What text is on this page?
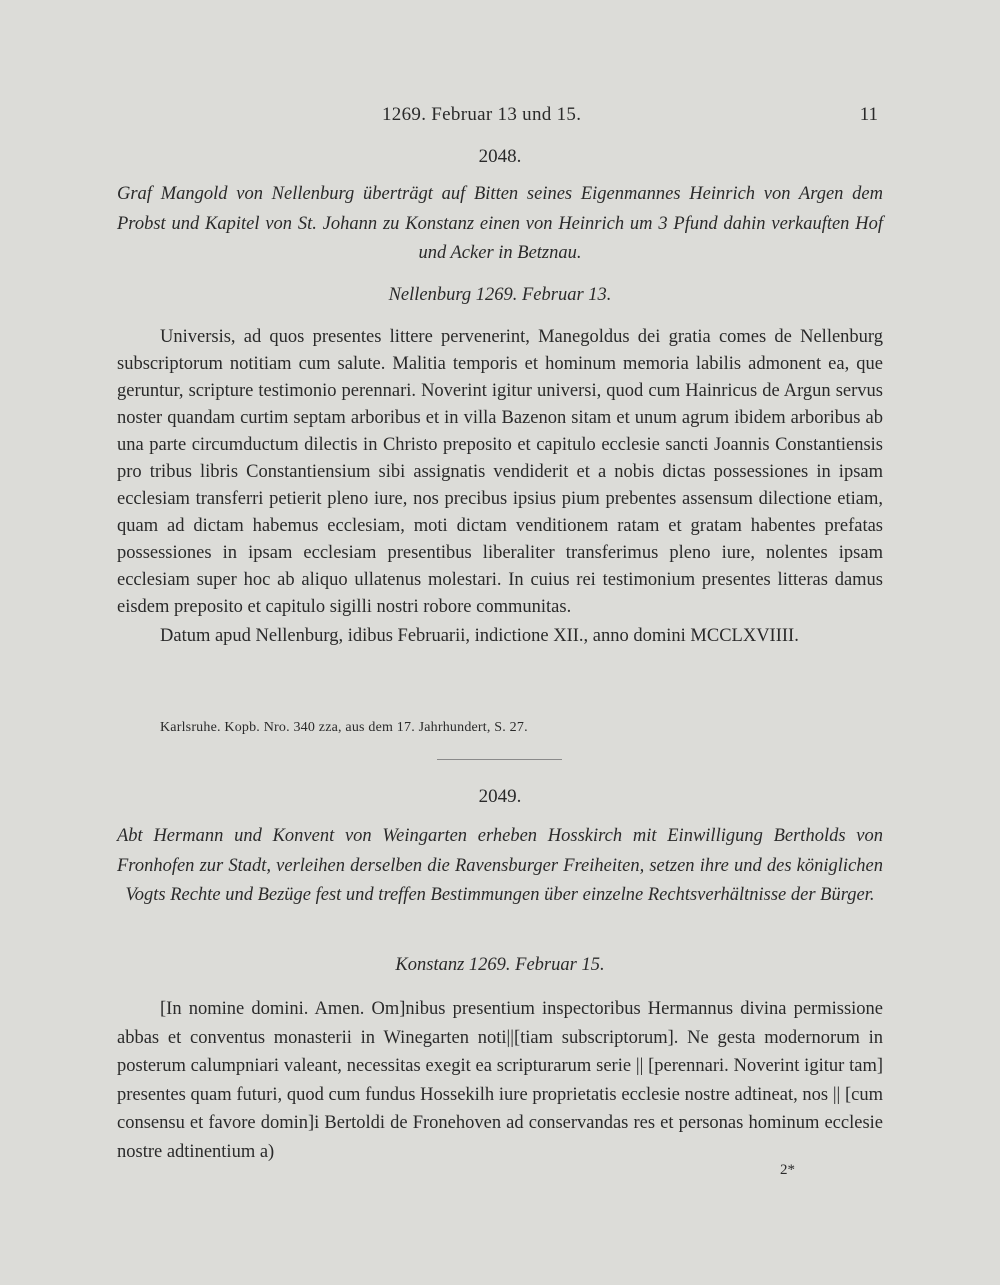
1269. Februar 13 und 15.	11
2048.
Graf Mangold von Nellenburg überträgt auf Bitten seines Eigenmannes Heinrich von Argen dem Probst und Kapitel von St. Johann zu Konstanz einen von Heinrich um 3 Pfund dahin verkauften Hof und Acker in Betznau.
Nellenburg 1269. Februar 13.

Universis, ad quos presentes littere pervenerint, Manegoldus dei gratia comes de Nellenburg subscriptorum notitiam cum salute. Malitia temporis et hominum memoria labilis admonent ea, que geruntur, scripture testimonio perennari. Noverint igitur universi, quod cum Hainricus de Argun servus noster quandam curtim septam arboribus et in villa Bazenon sitam et unum agrum ibidem arboribus ab una parte circumductum dilectis in Christo preposito et capitulo ecclesie sancti Joannis Constantiensis pro tribus libris Constantiensium sibi assignatis vendiderit et a nobis dictas possessiones in ipsam ecclesiam transferri petierit pleno iure, nos precibus ipsius pium prebentes assensum dilectione etiam, quam ad dictam habemus ecclesiam, moti dictam venditionem ratam et gratam habentes prefatas possessiones in ipsam ecclesiam presentibus liberaliter transferimus pleno iure, nolentes ipsam ecclesiam super hoc ab aliquo ullatenus molestari. In cuius rei testimonium presentes litteras damus eisdem preposito et capitulo sigilli nostri robore communitas.

Datum apud Nellenburg, idibus Februarii, indictione XII., anno domini MCCLXVIIII.

Karlsruhe. Kopb. Nro. 340 zza, aus dem 17. Jahrhundert, S. 27.
2049.
Abt Hermann und Konvent von Weingarten erheben Hosskirch mit Einwilligung Bertholds von Fronhofen zur Stadt, verleihen derselben die Ravensburger Freiheiten, setzen ihre und des königlichen Vogts Rechte und Bezüge fest und treffen Bestimmungen über einzelne Rechtsverhältnisse der Bürger.
Konstanz 1269. Februar 15.

[In nomine domini. Amen. Om]nibus presentium inspectoribus Hermannus divina permissione abbas et conventus monasterii in Winegarten noti||[tiam subscriptorum]. Ne gesta modernorum in posterum calumpniari valeant, necessitas exegit ea scripturarum serie || [perennari. Noverint igitur tam] presentes quam futuri, quod cum fundus Hossekilh iure proprietatis ecclesie nostre adtineat, nos || [cum consensu et favore domin]i Bertoldi de Fronehoven ad conservandas res et personas hominum ecclesie nostre adtinentium a)

2*
